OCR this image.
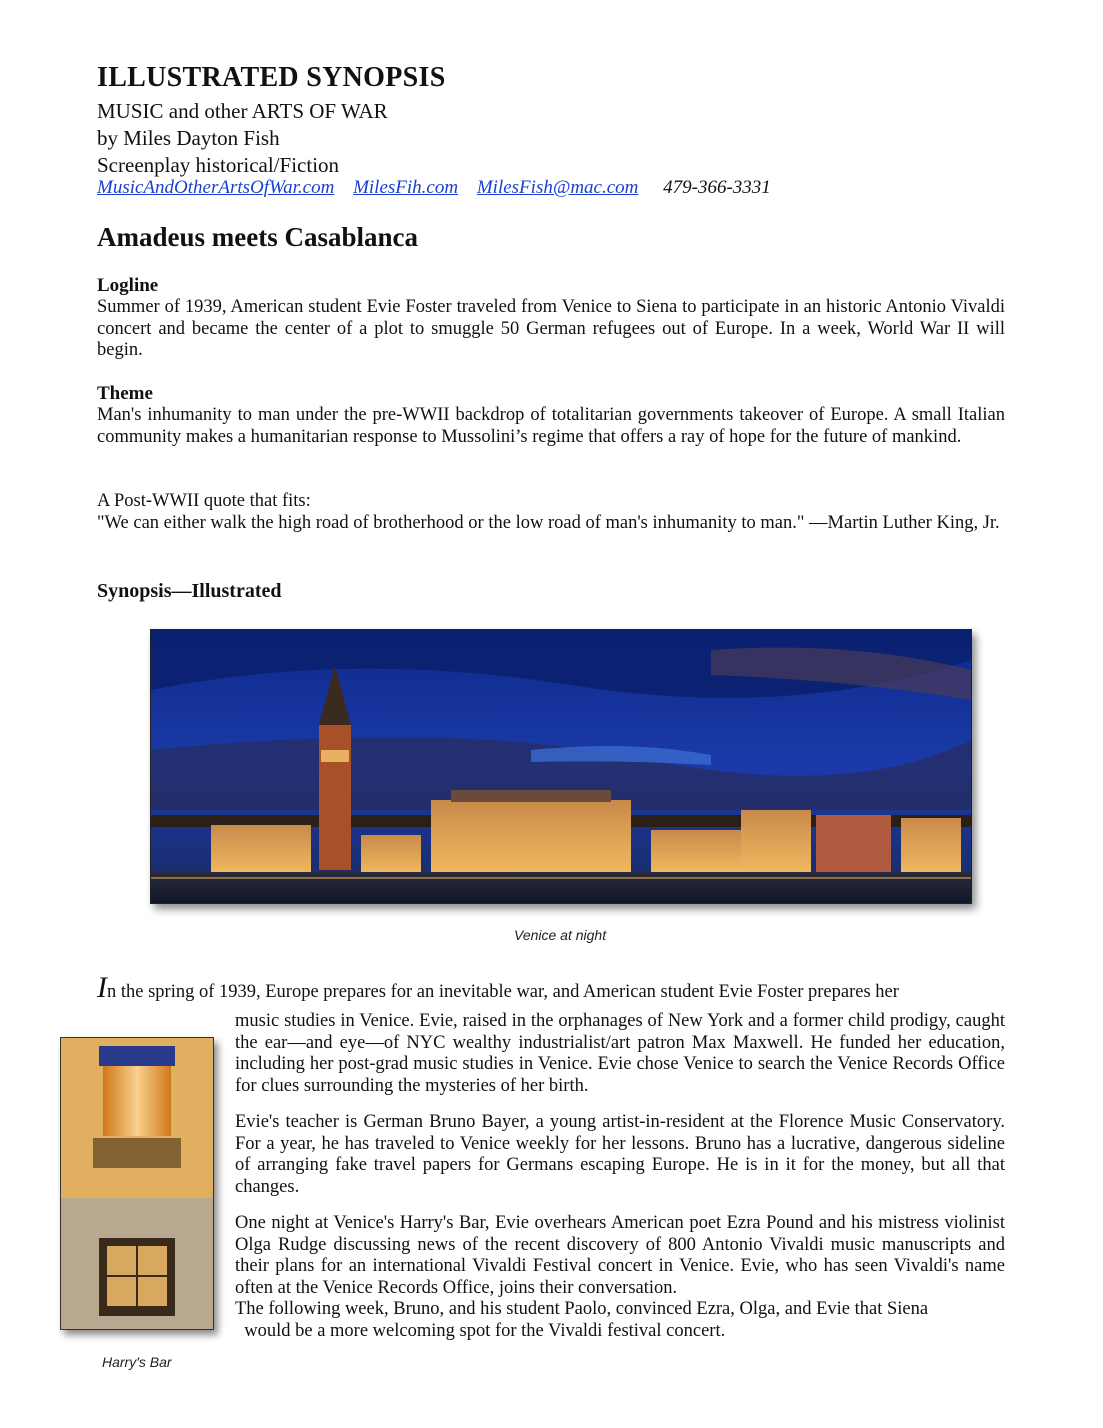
ILLUSTRATED SYNOPSIS
MUSIC and other ARTS OF WAR
by Miles Dayton Fish
Screenplay historical/Fiction
MusicAndOtherArtsOfWar.com MilesFih.com MilesFish@mac.com 479-366-3331
Amadeus meets Casablanca
Logline
Summer of 1939, American student Evie Foster traveled from Venice to Siena to participate in an historic Antonio Vivaldi concert and became the center of a plot to smuggle 50 German refugees out of Europe. In a week, World War II will begin.
Theme
Man's inhumanity to man under the pre-WWII backdrop of totalitarian governments takeover of Europe. A small Italian community makes a humanitarian response to Mussolini’s regime that offers a ray of hope for the future of mankind.
A Post-WWII quote that fits:
"We can either walk the high road of brotherhood or the low road of man's inhumanity to man." —Martin Luther King, Jr.
Synopsis—Illustrated
Venice at night
Harry's Bar
In the spring of 1939, Europe prepares for an inevitable war, and American student Evie Foster prepares her
music studies in Venice. Evie, raised in the orphanages of New York and a former child prodigy, caught the ear—and eye—of NYC wealthy industrialist/art patron Max Maxwell. He funded her education, including her post-grad music studies in Venice. Evie chose Venice to search the Venice Records Office for clues surrounding the mysteries of her birth.
Evie's teacher is German Bruno Bayer, a young artist-in-resident at the Florence Music Conservatory. For a year, he has traveled to Venice weekly for her lessons. Bruno has a lucrative, dangerous sideline of arranging fake travel papers for Germans escaping Europe. He is in it for the money, but all that changes.
One night at Venice's Harry's Bar, Evie overhears American poet Ezra Pound and his mistress violinist Olga Rudge discussing news of the recent discovery of 800 Antonio Vivaldi music manuscripts and their plans for an international Vivaldi Festival concert in Venice. Evie, who has seen Vivaldi's name often at the Venice Records Office, joins their conversation.
The following week, Bruno, and his student Paolo, convinced Ezra, Olga, and Evie that Siena
would be a more welcoming spot for the Vivaldi festival concert.
